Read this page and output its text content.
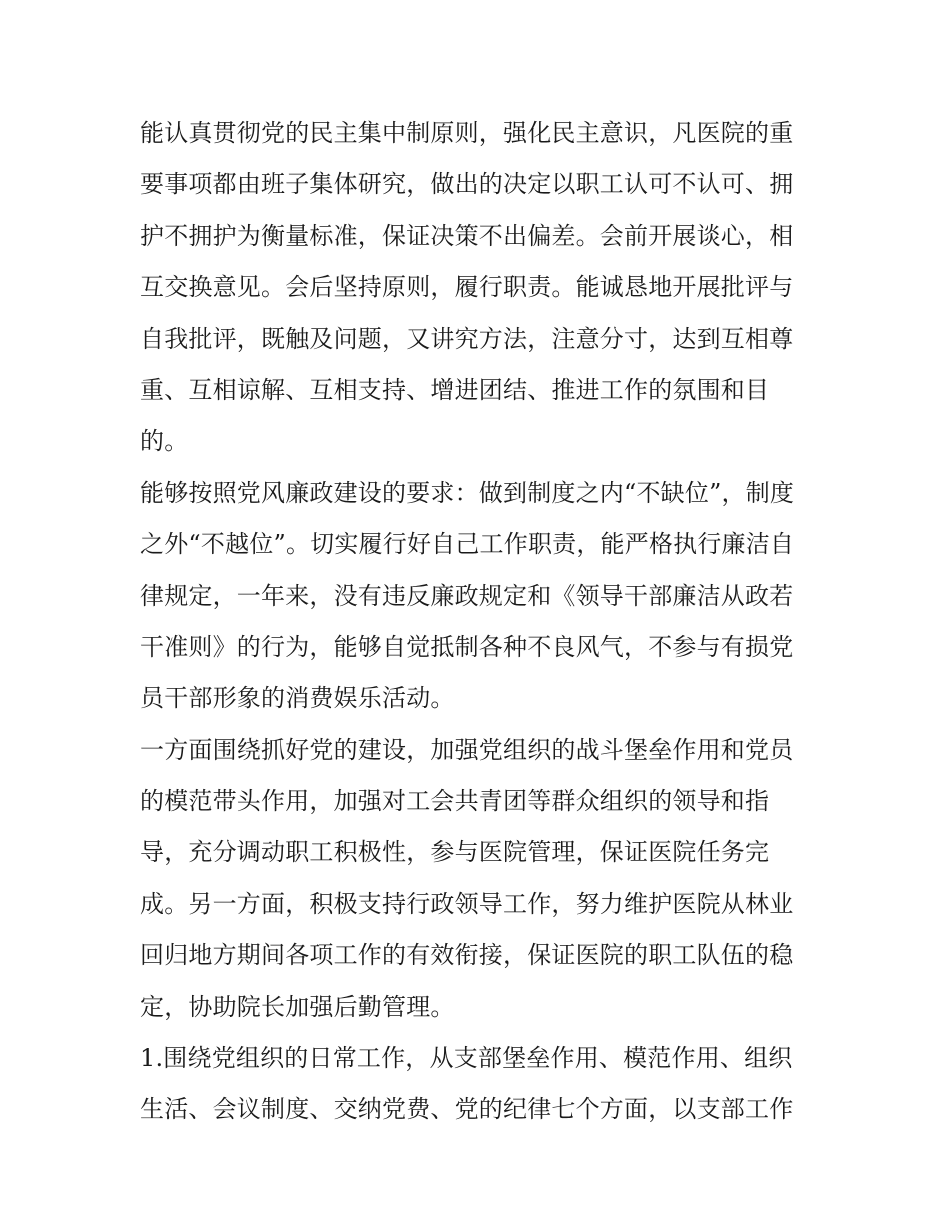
能认真贯彻党的民主集中制原则，强化民主意识，凡医院的重
要事项都由班子集体研究，做出的决定以职工认可不认可、拥
护不拥护为衡量标准，保证决策不出偏差。会前开展谈心，相
互交换意见。会后坚持原则，履行职责。能诚恳地开展批评与
自我批评，既触及问题，又讲究方法，注意分寸，达到互相尊
重、互相谅解、互相支持、增进团结、推进工作的氛围和目
的。
能够按照党风廉政建设的要求：做到制度之内“不缺位”，制度
之外“不越位”。切实履行好自己工作职责，能严格执行廉洁自
律规定，一年来，没有违反廉政规定和《领导干部廉洁从政若
干准则》的行为，能够自觉抵制各种不良风气，不参与有损党
员干部形象的消费娱乐活动。
一方面围绕抓好党的建设，加强党组织的战斗堡垒作用和党员
的模范带头作用，加强对工会共青团等群众组织的领导和指
导，充分调动职工积极性，参与医院管理，保证医院任务完
成。另一方面，积极支持行政领导工作，努力维护医院从林业
回归地方期间各项工作的有效衔接，保证医院的职工队伍的稳
定，协助院长加强后勤管理。
1.围绕党组织的日常工作，从支部堡垒作用、模范作用、组织
生活、会议制度、交纳党费、党的纪律七个方面，以支部工作
